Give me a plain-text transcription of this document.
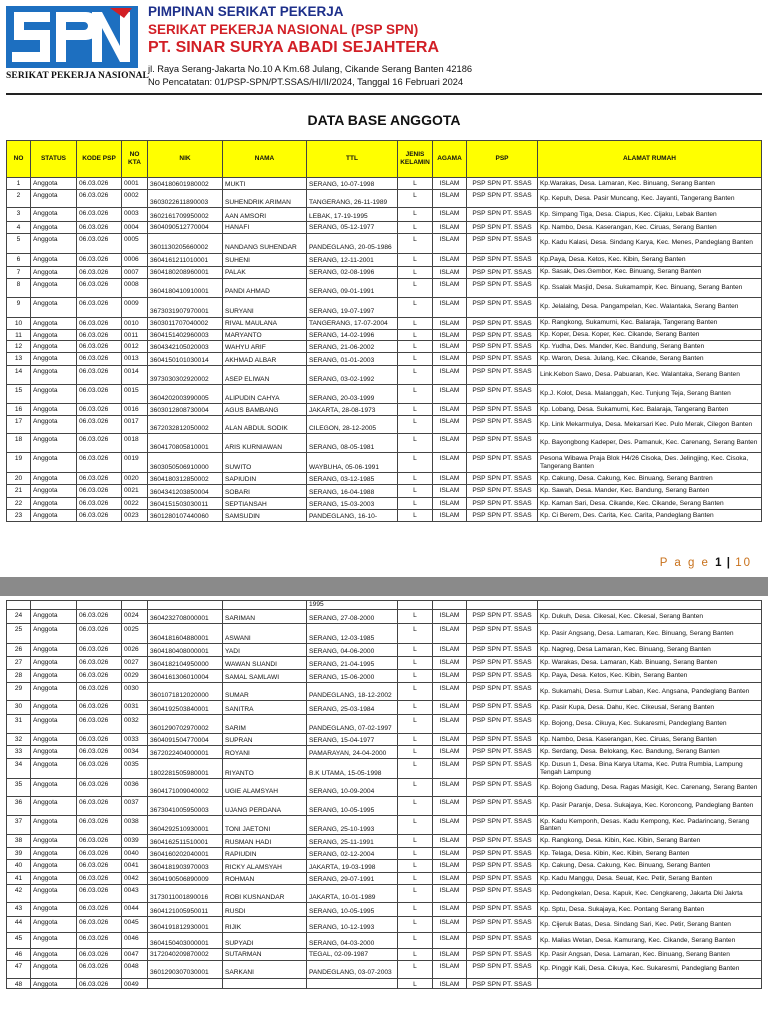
SERIKAT PEKERJA NASIONAL
PIMPINAN SERIKAT PEKERJA
SERIKAT PEKERJA NASIONAL (PSP SPN)
PT. SINAR SURYA ABADI SEJAHTERA
jl. Raya Serang-Jakarta No.10 A Km.68 Julang, Cikande Serang Banten 42186
No Pencatatan: 01/PSP-SPN/PT.SSAS/HI/II/2024, Tanggal 16 Februari 2024
DATA BASE ANGGOTA
NO	STATUS	KODE PSP	NO KTA	NIK	NAMA	TTL	JENIS KELAMIN	AGAMA	PSP	ALAMAT RUMAH
1	Anggota	06.03.026	0001	3604180601980002	MUKTI	SERANG, 10-07-1998	L	ISLAM	PSP SPN PT. SSAS	Kp.Warakas, Desa. Lamaran, Kec. Binuang, Serang Banten
2	Anggota	06.03.026	0002	3603022611890003	SUHENDRIK ARIMAN	TANGERANG, 26-11-1989	L	ISLAM	PSP SPN PT. SSAS	Kp. Kepuh, Desa. Pasir Muncang, Kec. Jayanti, Tangerang Banten
3	Anggota	06.03.026	0003	3602161709950002	AAN AMSORI	LEBAK, 17-19-1995	L	ISLAM	PSP SPN PT. SSAS	Kp. Simpang Tiga, Desa. Ciapus, Kec. Cijaku, Lebak Banten
4	Anggota	06.03.026	0004	3604090512770004	HANAFI	SERANG, 05-12-1977	L	ISLAM	PSP SPN PT. SSAS	Kp. Nambo, Desa. Kaserangan, Kec. Ciruas, Serang Banten
5	Anggota	06.03.026	0005	3601130205660002	NANDANG SUHENDAR	PANDEGLANG, 20-05-1986	L	ISLAM	PSP SPN PT. SSAS	Kp. Kadu Kalasi, Desa. Sindang Karya, Kec. Menes, Pandeglang Banten
6	Anggota	06.03.026	0006	3604161211010001	SUHENI	SERANG, 12-11-2001	L	ISLAM	PSP SPN PT. SSAS	Kp.Paya, Desa. Ketos, Kec. Kibin, Serang Banten
7	Anggota	06.03.026	0007	3604180208960001	PALAK	SERANG, 02-08-1996	L	ISLAM	PSP SPN PT. SSAS	Kp. Sasak, Des.Gembor, Kec. Binuang, Serang Banten
8	Anggota	06.03.026	0008	3604180410910001	PANDI AHMAD	SERANG, 09-01-1991	L	ISLAM	PSP SPN PT. SSAS	Kp. Ssalak Masjid, Desa. Sukamampir, Kec. Binuang, Serang Banten
9	Anggota	06.03.026	0009	3673031907970001	SURYANI	SERANG, 19-07-1997	L	ISLAM	PSP SPN PT. SSAS	Kp. Jelalalng, Desa. Pangampelan, Kec. Walantaka, Serang Banten
10	Anggota	06.03.026	0010	3603011707040002	RIVAL MAULANA	TANGERANG, 17-07-2004	L	ISLAM	PSP SPN PT. SSAS	Kp. Rangkong, Sukamurni, Kec. Balaraja, Tangerang Banten
11	Anggota	06.03.026	0011	3604151402960003	MARYANTO	SERANG, 14-02-1996	L	ISLAM	PSP SPN PT. SSAS	Kp. Koper, Desa. Koper, Kec. Cikande, Serang Banten
12	Anggota	06.03.026	0012	3604342105020003	WAHYU ARIF	SERANG, 21-06-2002	L	ISLAM	PSP SPN PT. SSAS	Kp. Yudha, Des. Mander, Kec. Bandung, Serang Banten
13	Anggota	06.03.026	0013	3604150101030014	AKHMAD ALBAR	SERANG, 01-01-2003	L	ISLAM	PSP SPN PT. SSAS	Kp. Waron, Desa. Julang, Kec. Cikande, Serang Banten
14	Anggota	06.03.026	0014	3973030302920002	ASEP ELIWAN	SERANG, 03-02-1992	L	ISLAM	PSP SPN PT. SSAS	Link.Kebon Sawo, Desa. Pabuaran, Kec. Walantaka, Serang Banten
15	Anggota	06.03.026	0015	3604202003990005	ALIPUDIN CAHYA	SERANG, 20-03-1999	L	ISLAM	PSP SPN PT. SSAS	Kp.J. Kolot, Desa. Malanggah, Kec. Tunjung Teja, Serang Banten
16	Anggota	06.03.026	0016	3603012808730004	AGUS BAMBANG	JAKARTA, 28-08-1973	L	ISLAM	PSP SPN PT. SSAS	Kp. Lobang, Desa. Sukamurni, Kec. Balaraja, Tangerang Banten
17	Anggota	06.03.026	0017	3672032812050002	ALAN ABDUL SODIK	CILEGON, 28-12-2005	L	ISLAM	PSP SPN PT. SSAS	Kp. Link Mekarmulya, Desa. Mekarsari Kec. Pulo Merak, Cilegon Banten
18	Anggota	06.03.026	0018	3604170805810001	ARIS KURNIAWAN	SERANG, 08-05-1981	L	ISLAM	PSP SPN PT. SSAS	Kp. Bayongbong Kadeper, Des. Pamanuk, Kec. Carenang, Serang Banten
19	Anggota	06.03.026	0019	3603050506910000	SUWITO	WAYBUHA, 05-06-1991	L	ISLAM	PSP SPN PT. SSAS	Pesona Wibawa Praja Blok H4/26 Cisoka, Des. Jelingjing, Kec. Cisoka, Tangerang Banten
20	Anggota	06.03.026	0020	3604180312850002	SAPIUDIN	SERANG, 03-12-1985	L	ISLAM	PSP SPN PT. SSAS	Kp. Cakung, Desa. Cakung, Kec. Binuang, Serang Bantren
21	Anggota	06.03.026	0021	3604341203850004	SOBARI	SERANG, 16-04-1988	L	ISLAM	PSP SPN PT. SSAS	Kp. Sawah, Desa. Mander, Kec. Bandung, Serang Banten
22	Anggota	06.03.026	0022	3604151503030011	SEPTIANSAH	SERANG, 15-03-2003	L	ISLAM	PSP SPN PT. SSAS	Kp. Kaman Sari, Desa. Cikande, Kec. Cikande, Serang Banten
23	Anggota	06.03.026	0023	3601280107440060	SAMSUDIN	PANDEGLANG, 16-10-	L	ISLAM	PSP SPN PT. SSAS	Kp. Ci Berem, Des. Carita, Kec. Carita, Pandeglang Banten
P a g e 1 | 10
						1995				
24	Anggota	06.03.026	0024	3604232708000001	SARIMAN	SERANG, 27-08-2000	L	ISLAM	PSP SPN PT. SSAS	Kp. Dukuh, Desa. Cikesal, Kec. Cikesal, Serang Banten
25	Anggota	06.03.026	0025	3604181604880001	ASWANI	SERANG, 12-03-1985	L	ISLAM	PSP SPN PT. SSAS	Kp. Pasir Angsang, Desa. Lamaran, Kec. Binuang, Serang Banten
26	Anggota	06.03.026	0026	3604180408000001	YADI	SERANG, 04-06-2000	L	ISLAM	PSP SPN PT. SSAS	Kp. Nagreg, Desa Lamaran, Kec. Binuang, Serang Banten
27	Anggota	06.03.026	0027	3604182104950000	WAWAN SUANDI	SERANG, 21-04-1995	L	ISLAM	PSP SPN PT. SSAS	Kp. Warakas, Desa. Lamaran, Kab. Binuang, Serang Banten
28	Anggota	06.03.026	0029	3604161306010004	SAMAL SAMLAWI	SERANG, 15-06-2000	L	ISLAM	PSP SPN PT. SSAS	Kp. Paya, Desa. Ketos, Kec. Kibin, Serang Banten
29	Anggota	06.03.026	0030	3601071812020000	SUMAR	PANDEGLANG, 18-12-2002	L	ISLAM	PSP SPN PT. SSAS	Kp. Sukamahi, Desa. Sumur Laban, Kec. Angsana, Pandeglang Banten
30	Anggota	06.03.026	0031	3604192503840001	SANITRA	SERANG, 25-03-1984	L	ISLAM	PSP SPN PT. SSAS	Kp. Pasir Kupa, Desa. Dahu, Kec. Cikeusal, Serang Banten
31	Anggota	06.03.026	0032	3601290702970002	SARIM	PANDEGLANG, 07-02-1997	L	ISLAM	PSP SPN PT. SSAS	Kp. Bojong, Desa. Cikuya, Kec. Sukaresmi, Pandeglang Banten
32	Anggota	06.03.026	0033	3604091504770004	SUPRAN	SERANG, 15-04-1977	L	ISLAM	PSP SPN PT. SSAS	Kp. Nambo, Desa. Kaserangan, Kec. Ciruas, Serang Banten
33	Anggota	06.03.026	0034	3672022404000001	ROYANI	PAMARAYAN, 24-04-2000	L	ISLAM	PSP SPN PT. SSAS	Kp. Serdang, Desa. Belokang, Kec. Bandung, Serang Banten
34	Anggota	06.03.026	0035	1802281505980001	RIYANTO	B.K UTAMA, 15-05-1998	L	ISLAM	PSP SPN PT. SSAS	Kp. Dusun 1, Desa. Bina Karya Utama, Kec. Putra Rumbia, Lampung Tengah Lampung
35	Anggota	06.03.026	0036	3604171009040002	UGIE ALAMSYAH	SERANG, 10-09-2004	L	ISLAM	PSP SPN PT. SSAS	Kp. Bojong Gadung, Desa. Ragas Masigit, Kec. Carenang, Serang Banten
36	Anggota	06.03.026	0037	3673041005950003	UJANG PERDANA	SERANG, 10-05-1995	L	ISLAM	PSP SPN PT. SSAS	Kp. Pasir Paranje, Desa. Sukajaya, Kec. Koroncong, Pandeglang Banten
37	Anggota	06.03.026	0038	3604292510930001	TONI JAETONI	SERANG, 25-10-1993	L	ISLAM	PSP SPN PT. SSAS	Kp. Kadu Kemponh, Desas. Kadu Kempong, Kec. Padarincang, Serang Banten
38	Anggota	06.03.026	0039	3604162511510001	RUSMAN HADI	SERANG, 25-11-1991	L	ISLAM	PSP SPN PT. SSAS	Kp. Rangkong, Desa. Kibin, Kec. Kibin, Serang Banten
39	Anggota	06.03.026	0040	3604160202040001	RAPIUDIN	SERANG, 02-12-2004	L	ISLAM	PSP SPN PT. SSAS	Kp. Telaga, Desa. Kibin, Kec. Kibin, Serang Banten
40	Anggota	06.03.026	0041	3604181903970003	RICKY ALAMSYAH	JAKARTA, 19-03-1998	L	ISLAM	PSP SPN PT. SSAS	Kp. Cakung, Desa. Cakung, Kec. Binuang, Serang Banten
41	Anggota	06.03.026	0042	3604190506890009	ROHMAN	SERANG, 29-07-1991	L	ISLAM	PSP SPN PT. SSAS	Kp. Kadu Manggu, Desa. Seuat, Kec. Petir, Serang Banten
42	Anggota	06.03.026	0043	3173011001890016	ROBI KUSNANDAR	JAKARTA, 10-01-1989	L	ISLAM	PSP SPN PT. SSAS	Kp. Pedongkelan, Desa. Kapuk, Kec. Cengkareng, Jakarta Dki Jakrta
43	Anggota	06.03.026	0044	3604121005950011	RUSDI	SERANG, 10-05-1995	L	ISLAM	PSP SPN PT. SSAS	Kp. Sptu, Desa. Sukajaya, Kec. Pontang Serang Banten
44	Anggota	06.03.026	0045	3604191812930001	RIJIK	SERANG, 10-12-1993	L	ISLAM	PSP SPN PT. SSAS	Kp. Cijeruk Batas, Desa. Sindang Sari, Kec. Petir, Serang Banten
45	Anggota	06.03.026	0046	3604150403000001	SUPYADI	SERANG, 04-03-2000	L	ISLAM	PSP SPN PT. SSAS	Kp. Malias Wetan, Desa. Kamurang, Kec. Cikande, Serang Banten
46	Anggota	06.03.026	0047	3172040209870002	SUTARMAN	TEGAL, 02-09-1987	L	ISLAM	PSP SPN PT. SSAS	Kp. Pasir Angsan, Desa. Lamaran, Kec. Binuang, Serang Banten
47	Anggota	06.03.026	0048	3601290307030001	SARKANI	PANDEGLANG, 03-07-2003	L	ISLAM	PSP SPN PT. SSAS	Kp. Pinggir Kali, Desa. Cikuya, Kec. Sukaresmi, Pandeglang Banten
48	Anggota	06.03.026	0049				L	ISLAM	PSP SPN PT. SSAS	
